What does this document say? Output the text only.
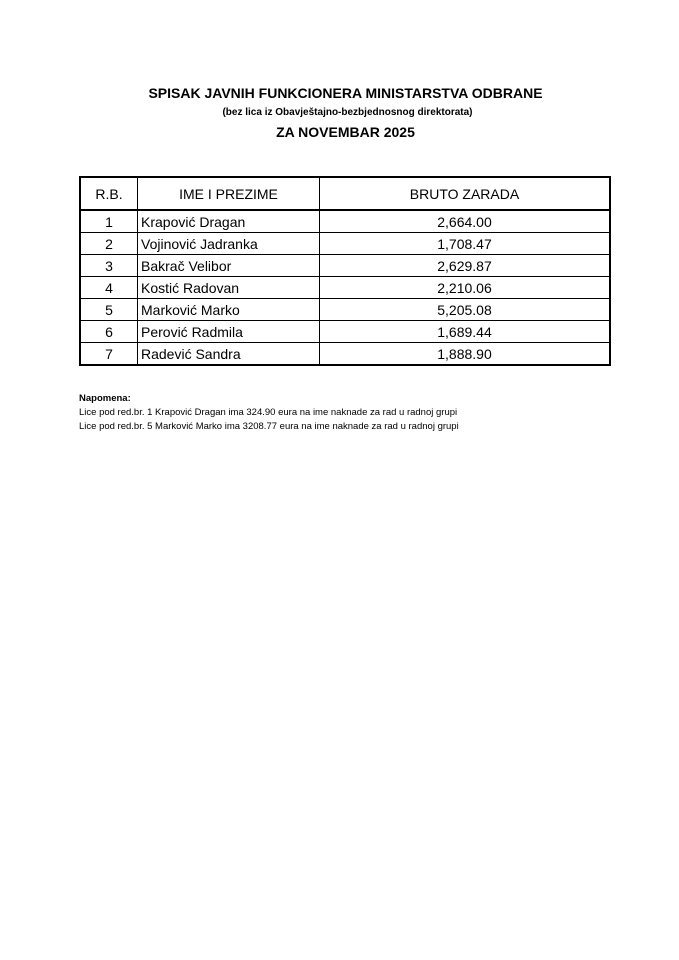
SPISAK JAVNIH FUNKCIONERA MINISTARSTVA ODBRANE
(bez lica iz Obavještajno-bezbjednosnog direktorata)
ZA NOVEMBAR 2025
R.B.	IME I PREZIME	BRUTO ZARADA
1	Krapović Dragan	2,664.00
2	Vojinović Jadranka	1,708.47
3	Bakrač Velibor	2,629.87
4	Kostić Radovan	2,210.06
5	Marković Marko	5,205.08
6	Perović Radmila	1,689.44
7	Radević Sandra	1,888.90
Napomena:
Lice pod red.br. 1 Krapović Dragan ima 324.90 eura na ime naknade za rad u radnoj grupi
Lice pod red.br. 5 Marković Marko ima 3208.77 eura na ime naknade za rad u radnoj grupi
